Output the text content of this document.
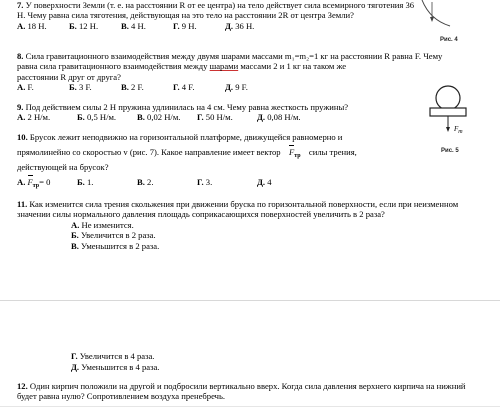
7. У поверхности Земли (т. е. на расстоянии R от ее центра) на тело действует сила всемирного тяготения 36 Н. Чему равна сила тяготения, действующая на это тело на расстоянии 2R от центра Земли?
А. 18 Н.	Б. 12 Н.	В. 4 Н.	Г. 9 Н.	Д. 36 Н.
Рис. 4
8. Сила гравитационного взаимодействия между двумя шарами массами m₁=m₂=1 кг на расстоянии R равна F. Чему
равна сила гравитационного взаимодействия между шарами массами 2 и 1 кг на таком же
расстоянии R друг от друга?
А. F.	Б. 3 F.	В. 2 F.	Г. 4 F.	Д. 9 F.
Fт
Рис. 5
9. Под действием силы 2 Н пружина удлинилась на 4 см. Чему равна жесткость пружины?
А. 2 Н/м.	Б. 0,5 Н/м.	В. 0,02 Н/м.	Г. 50 Н/м.	Д. 0,08 Н/м.
10. Брусок лежит неподвижно на горизонтальной платформе, движущейся равномерно и
прямолинейно со скоростью v (рис. 7). Какое направление имеет вектор $F_{тр}$ силы трения,
действующей на брусок?
А. $F_{тр}= 0$	Б. 1.	В. 2.	Г. 3.	Д. 4
11. Как изменится сила трения скольжения при движении бруска по горизонтальной поверхности, если при неизменном значении силы нормального давления площадь соприкасающихся поверхностей увеличить в 2 раза?
А. Не изменится.
Б. Увеличится в 2 раза.
В. Уменьшится в 2 раза.
Г. Увеличится в 4 раза.
Д. Уменьшится в 4 раза.
12. Один кирпич положили на другой и подбросили вертикально вверх. Когда сила давления верхнего кирпича на нижний будет равна нулю? Сопротивлением воздуха пренебречь.
